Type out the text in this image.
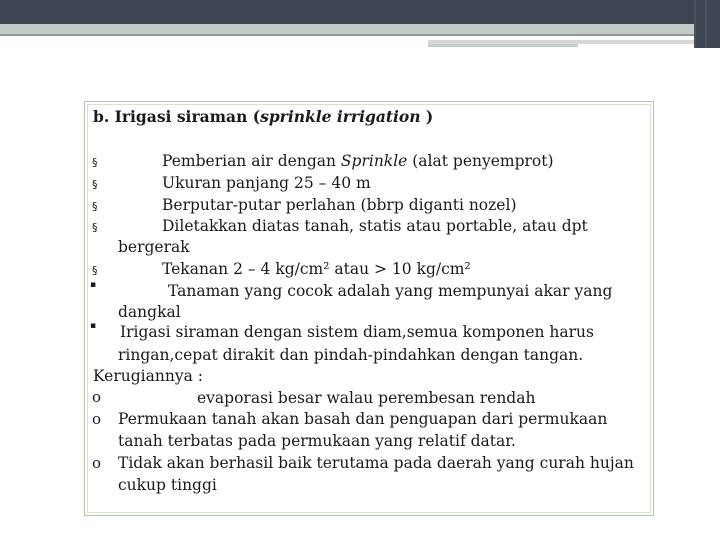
b. Irigasi siraman (sprinkle irrigation )
§	Pemberian air dengan Sprinkle (alat penyemprot)
§	Ukuran panjang 25 – 40 m
§	Berputar-putar perlahan (bbrp diganti nozel)
§	Diletakkan diatas tanah, statis atau portable, atau dpt
bergerak
§	Tekanan 2 – 4 kg/cm² atau > 10 kg/cm²
▪	Tanaman yang cocok adalah yang mempunyai akar yang
dangkal
▪ Irigasi siraman dengan sistem diam,semua komponen harus
ringan,cepat dirakit dan pindah-pindahkan dengan tangan.
Kerugiannya :
o	evaporasi besar walau perembesan rendah
o Permukaan tanah akan basah dan penguapan dari permukaan
tanah terbatas pada permukaan yang relatif datar.
o Tidak akan berhasil baik terutama pada daerah yang curah hujan
cukup tinggi
